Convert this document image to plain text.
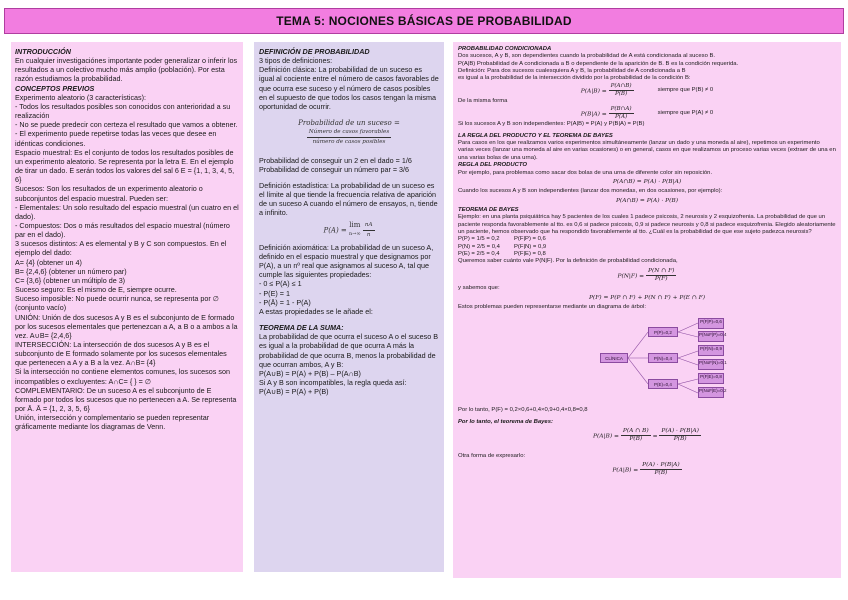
TEMA 5: NOCIONES BÁSICAS DE PROBABILIDAD
INTRODUCCIÓN
En cualquier investigaciónes importante poder generalizar o inferir los resultados a un colectivo mucho más amplio (población). Por esta razón estudiamos la probabilidad.
CONCEPTOS PREVIOS
Experimento aleatorio (3 características):
- Todos los resultados posibles son conocidos con anterioridad a su realización
- No se puede predecir con certeza el resultado que vamos a obtener.
- El experimento puede repetirse todas las veces que desee en idénticas condiciones.
Espacio muestral: Es el conjunto de todos los resultados posibles de un experimento aleatorio. Se representa por la letra E. En el ejemplo de tirar un dado. E serán todos los valores del sal 6 E = {1, 1, 3, 4, 5, 6}
Sucesos: Son los resultados de un experimento aleatorio o subconjuntos del espacio muestral. Pueden ser:
- Elementales: Un solo resultado del espacio muestral (un cuatro en el dado).
- Compuestos: Dos o más resultados del espacio muestral (número par en el dado).
3 sucesos distintos: A es elemental y B y C son compuestos. En el ejemplo del dado:
A= {4} (obtener un 4)
B= {2,4,6} (obtener un número par)
C= {3,6} (obtener un múltiplo de 3)
Suceso seguro: Es el mismo de E, siempre ocurre.
Suceso imposible: No puede ocurrir nunca, se representa por ∅ (conjunto vacío)
UNIÓN: Unión de dos sucesos A y B es el subconjunto de E formado por los sucesos elementales que pertenezcan a A, a B o a ambos a la vez. A∪B= {2,4,6}
INTERSECCIÓN: La intersección de dos sucesos A y B es el subconjunto de E formado solamente por los sucesos elementales que pertenecen a A y a B a la vez. A∩B= {4}
Si la intersección no contiene elementos comunes, los sucesos son incompatibles o excluyentes: A∩C= { } = ∅
COMPLEMENTARIO: De un suceso A es el subconjunto de E formado por todos los sucesos que no pertenecen a A. Se representa por Ā. Ā = {1, 2, 3, 5, 6}
Unión, intersección y complementario se pueden representar gráficamente mediante los diagramas de Venn.
DEFINICIÓN DE PROBABILIDAD
3 tipos de definiciones:
Definición clásica: La probabilidad de un suceso es igual al cociente entre el número de casos favorables de que ocurra ese suceso y el número de casos posibles en el supuesto de que todos los casos tengan la misma oportunidad de ocurrir.
Probabilidad de un suceso =

$\frac{\text{Número de casos favorables}}{\text{número de casos posibles}}$
Probabilidad de conseguir un 2 en el dado = 1/6
Probabilidad de conseguir un número par = 3/6
Definición estadística: La probabilidad de un suceso es el límite al que tiende la frecuencia relativa de aparición de un suceso A cuando el número de ensayos, n, tiende a infinito.
P(A) =
lim
n→∞
$\frac{nA}{n}$
Definición axiomática: La probabilidad de un suceso A, definido en el espacio muestral y que designamos por P(A), a un nº real que asignamos al suceso A, tal que cumple las siguientes propiedades:
- 0 ≤ P(A) ≤ 1
- P(E) = 1
- P(Ā) = 1 - P(A)
A estas propiedades se le añade el:
TEOREMA DE LA SUMA:
La probabilidad de que ocurra el suceso A o el suceso B es igual a la probabilidad de que ocurra A más la probabilidad de que ocurra B, menos la probabilidad de que ocurran ambos, A y B:
P(A∪B) = P(A) + P(B) – P(A∩B)
Si A y B son incompatibles, la regla queda así:
P(A∪B) = P(A) + P(B)
PROBABILIDAD CONDICIONADA
Dos sucesos, A y B, son dependientes cuando la probabilidad de A está condicionada al suceso B.
P(A|B) Probabilidad de A condicionada a B o dependiente de la aparición de B. B es la condición requerida.
Definición: Para dos sucesos cualesquiera A y B, la probabilidad de A condicionada a B
es igual a la probabilidad de la intersección dividido por la probabilidad de la condición B:
$P(A|B) = \frac{P(A\cap B)}{P(B)}$	siempre que P(B) ≠ 0
De la misma forma
$P(B|A) = \frac{P(B\cap A)}{P(A)}$	siempre que P(A) ≠ 0
Si los sucesos A y B son independientes: P(A|B) = P(A) y P(B|A) = P(B)
LA REGLA DEL PRODUCTO Y EL TEOREMA DE BAYES
Para casos en los que realizamos varios experimentos simultáneamente (lanzar un dado y una moneda al aire), repetimos un experimento varias veces (lanzar una moneda al aire en varias ocasiones) o en general, casos en que realizamos un proceso varias veces (extraer de una en una varias bolas de una urna).
REGLA DEL PRODUCTO
Por ejemplo, para problemas como sacar dos bolas de una urna de diferente color sin reposición.
P(A∩B) = P(A) · P(B|A)
Cuando los sucesos A y B son independientes (lanzar dos monedas, en dos ocasiones, por ejemplo):
P(A∩B) = P(A) · P(B)
TEOREMA DE BAYES
Ejemplo: en una planta psiquiátrica hay 5 pacientes de los cuales 1 padece psicosis, 2 neurosis y 2 esquizofrenia. La probabilidad de que un paciente responda favorablemente al tto. es 0,6 si padece psicosis, 0,9 si padece neurosis y 0,8 si padece esquizofrenia. Elegido aleatoriamente un paciente, hemos observado que ha respondido favorablemente al tto. ¿Cuál es la probabilidad de que ese sujeto padezca neurosis?
P(P) = 1/5 = 0,2	P(F|P) = 0,6
P(N) = 2/5 = 0,4	P(F|N) = 0,9
P(E) = 2/5 = 0,4	P(F|E) = 0,8
Queremos saber cuánto vale P(N|F). Por la definición de probabilidad condicionada,
$P(N|F) = \frac{P(N \cap F)}{P(F)}$
y sabemos que:
P(F) = P(P ∩ F) + P(N ∩ F) + P(E ∩ F)
Estos problemas pueden representarse mediante un diagrama de árbol:
CLÍNICA
P(P)=0,2
P(N)=0,4
P(E)=0,4
P(F|P)=0,6
P(NoF|P)=0,4
P(F|N)=0,9
P(NoF|N)=0,1
P(F|E)=0,8
P(NoF|E)=0,2
Por lo tanto, P(F) = 0,2×0,6+0,4×0,9+0,4×0,8=0,8
Por lo tanto, el teorema de Bayes:
$P(A|B) = \frac{P(A \cap B)}{P(B)} = \frac{P(A) \cdot P(B|A)}{P(B)}$
Otra forma de expresarlo:
$P(A|B) = \frac{P(A) \cdot P(B|A)}{P(B)}$
